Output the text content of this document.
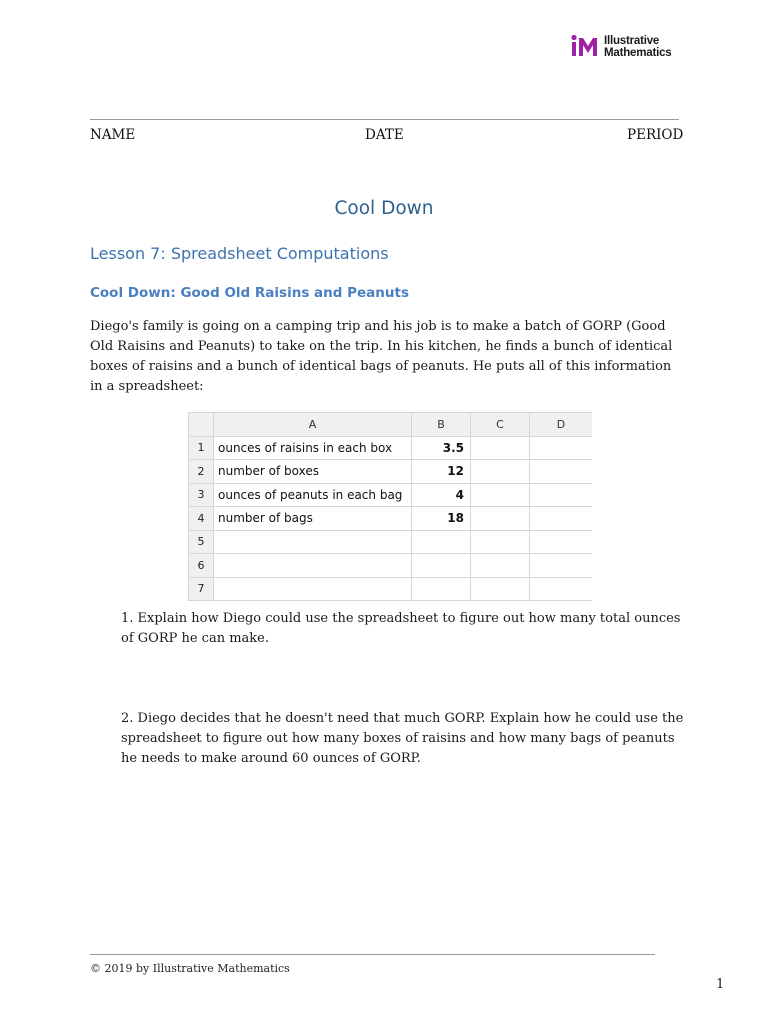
Illustrative
Mathematics
NAME	DATE	PERIOD
Cool Down
Lesson 7: Spreadsheet Computations
Cool Down: Good Old Raisins and Peanuts
Diego's family is going on a camping trip and his job is to make a batch of GORP (Good Old Raisins and Peanuts) to take on the trip. In his kitchen, he finds a bunch of identical boxes of raisins and a bunch of identical bags of peanuts. He puts all of this information in a spreadsheet:
	A	B	C	D
1	ounces of raisins in each box	3.5		
2	number of boxes	12		
3	ounces of peanuts in each bag	4		
4	number of bags	18		
5				
6				
7				
1. Explain how Diego could use the spreadsheet to figure out how many total ounces of GORP he can make.
2. Diego decides that he doesn't need that much GORP. Explain how he could use the spreadsheet to figure out how many boxes of raisins and how many bags of peanuts he needs to make around 60 ounces of GORP.
© 2019 by Illustrative Mathematics
1
